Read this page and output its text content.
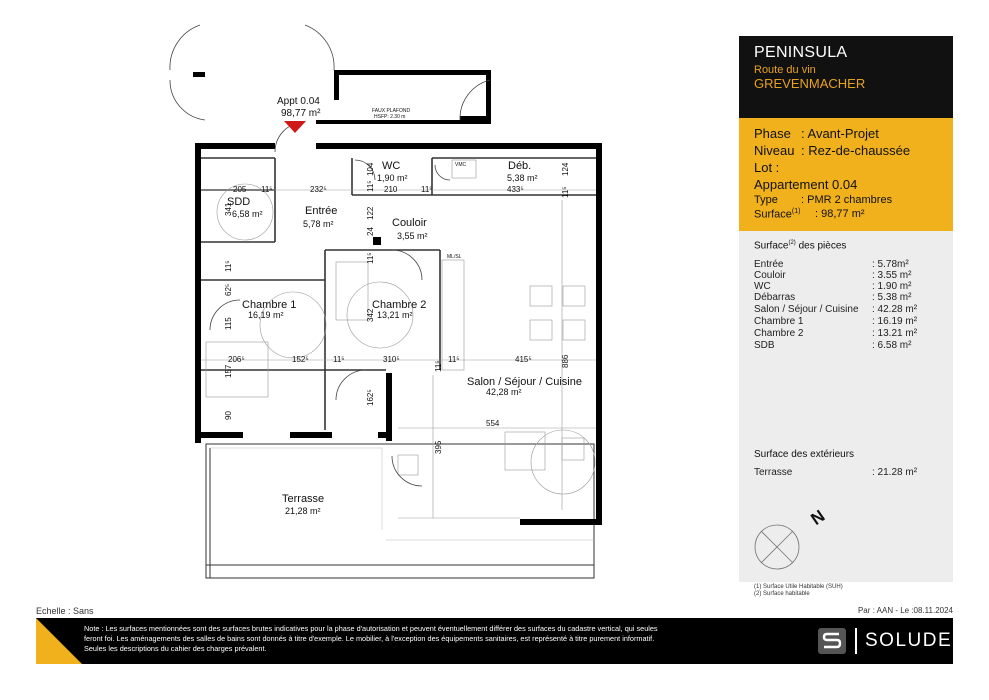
Appt 0.04
98,77 m²	FAUX PLAFOND
HSFP: 2.30 m
VMC
ML/SL
SDD
6,58 m²	Entrée
5,78 m²
WC
1,90 m²
Déb.
5,38 m²
Couloir
3,55 m²
Chambre 1
16,19 m²
Chambre 2
13,21 m²
Salon / Séjour / Cuisine
42,28 m²
Terrasse
21,28 m²
205 11⁵	232⁵
104
11⁵ 210	11⁵	433⁵
124
11⁵
341	122
24
11⁵
11⁵
62⁵
115
342
206⁵	152⁵	11⁵	310⁵	11⁵	415⁵	886
157	11⁵
162⁵
90
554
395
PENINSULA
Route du vin
GREVENMACHER
Phase : Avant-Projet
Niveau : Rez-de-chaussée
Lot :
Appartement 0.04
Type : PMR 2 chambres
Surface$^{(1)}$ : 98,77 m²
Surface$^{(2)}$ des pièces
Entrée	: 5.78m²
Couloir	: 3.55 m²
WC	: 1.90 m²
Débarras	: 5.38 m²
Salon / Séjour / Cuisine : 42.28 m²
Chambre 1	: 16.19 m²
Chambre 2	: 13.21 m²
SDB	: 6.58 m²
Surface des extérieurs
Terrasse	: 21.28 m²
N
(1) Surface Utile Habitable (SUH)
(2) Surface habitable
Echelle : Sans	Par : AAN - Le :08.11.2024
Note : Les surfaces mentionnées sont des surfaces brutes indicatives pour la phase d'autorisation et peuvent éventuellement différer des surfaces du cadastre vertical, qui seules feront foi. Les aménagements des salles de bains sont donnés à titre d'exemple. Le mobilier, à l'exception des équipements sanitaires, est représenté à titre purement informatif. Seules les descriptions du cahier des charges prévalent.	SOLUDEC
